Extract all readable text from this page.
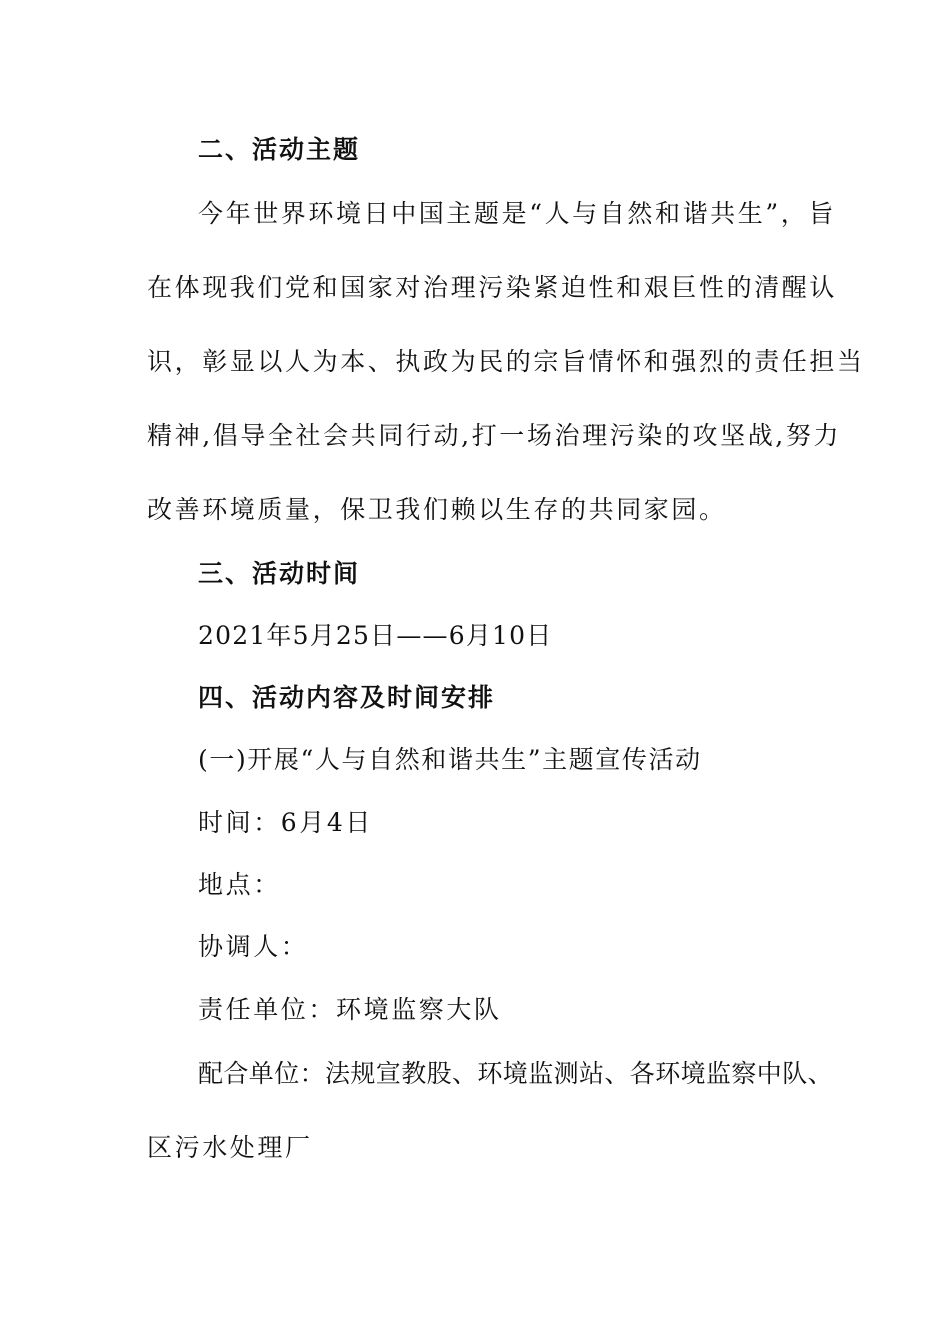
二、活动主题
今年世界环境日中国主题是“人与自然和谐共生”，旨
在体现我们党和国家对治理污染紧迫性和艰巨性的清醒认
识，彰显以人为本、执政为民的宗旨情怀和强烈的责任担当
精神,倡导全社会共同行动,打一场治理污染的攻坚战,努力
改善环境质量，保卫我们赖以生存的共同家园。
三、活动时间
2021年5月25日——6月10日
四、活动内容及时间安排
(一)开展“人与自然和谐共生”主题宣传活动
时间：6月4日
地点：
协调人：
责任单位：环境监察大队
配合单位：法规宣教股、环境监测站、各环境监察中队、
区污水处理厂
